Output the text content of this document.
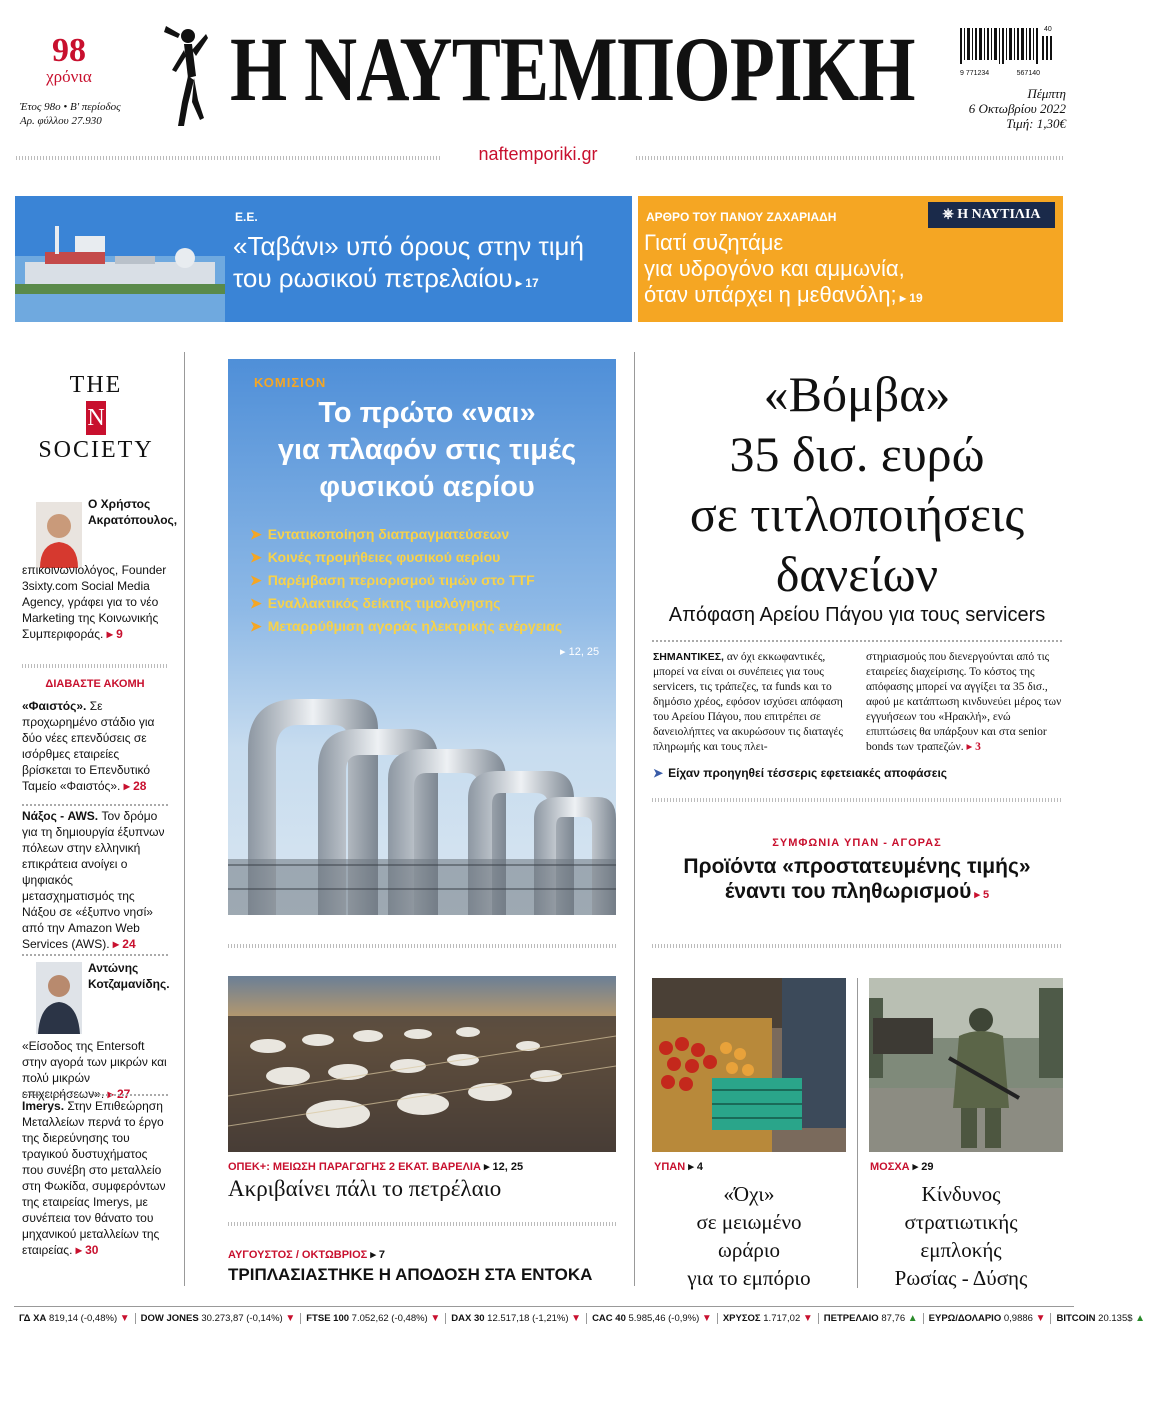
98
χρόνια
Έτος 98ο • Β' περίοδος
Αρ. φύλλου 27.930
Η ΝΑΥΤΕΜΠΟΡΙΚΗ	9 771234	567140
40
Πέμπτη
6 Οκτωβρίου 2022
Τιμή: 1,30€
naftemporiki.gr
Ε.Ε.
«Ταβάνι» υπό όρους στην τιμή
του ρωσικού πετρελαίου ▸ 17
ΑΡΘΡΟ ΤΟΥ ΠΑΝΟΥ ΖΑΧΑΡΙΑΔΗ
Γιατί συζητάμε
για υδρογόνο και αμμωνία,
όταν υπάρχει η μεθανόλη; ▸ 19
⎈ Η ΝΑΥΤΙΛΙΑ
THE
N
SOCIETY
Ο Χρήστος Ακρατόπουλος,
επικοινωνιολόγος, Founder 3sixty.com Social Media Agency, γράφει για το νέο Marketing της Κοινωνικής Συμπεριφοράς. ▸ 9
ΔΙΑΒΑΣΤΕ ΑΚΟΜΗ
«Φαιστός». Σε προχωρημένο στάδιο για δύο νέες επενδύσεις σε ισόρθμες εταιρείες βρίσκεται το Επενδυτικό Ταμείο «Φαιστός». ▸ 28
Νάξος - AWS. Τον δρόμο για τη δημιουργία έξυπνων πόλεων στην ελληνική επικράτεια ανοίγει ο ψηφιακός μετασχηματισμός της Νάξου σε «έξυπνο νησί» από την Amazon Web Services (AWS). ▸ 24
Αντώνης Κοτζαμανίδης.
«Είσοδος της Entersoft στην αγορά των μικρών και πολύ μικρών επιχειρήσεων». ▸ 27
Imerys. Στην Επιθεώρηση Μεταλλείων περνά το έργο της διερεύνησης του τραγικού δυστυχήματος που συνέβη στο μεταλλείο στη Φωκίδα, συμφερόντων της εταιρείας Imerys, με συνέπεια τον θάνατο του μηχανικού μεταλλείων της εταιρείας. ▸ 30
ΚΟΜΙΣΙΟΝ
Το πρώτο «ναι»
για πλαφόν στις τιμές
φυσικού αερίου
➤ Εντατικοποίηση διαπραγματεύσεων
➤ Κοινές προμήθειες φυσικού αερίου
➤ Παρέμβαση περιορισμού τιμών στο TTF
➤ Εναλλακτικός δείκτης τιμολόγησης
➤ Μεταρρύθμιση αγοράς ηλεκτρικής ενέργειας
▸ 12, 25
«Βόμβα»
35 δισ. ευρώ
σε τιτλοποιήσεις
δανείων
Απόφαση Αρείου Πάγου για τους servicers
ΣΗΜΑΝΤΙΚΕΣ, αν όχι εκκωφαντικές, μπορεί να είναι οι συνέπειες για τους servicers, τις τράπεζες, τα funds και το δημόσιο χρέος, εφόσον ισχύσει απόφαση του Αρείου Πάγου, που επιτρέπει σε δανειολήπτες να ακυρώσουν τις διαταγές πληρωμής και τους πλει-
στηριασμούς που διενεργούνται από τις εταιρείες διαχείρισης. Το κόστος της απόφασης μπορεί να αγγίξει τα 35 δισ., αφού με κατάπτωση κινδυνεύει μέρος των εγγυήσεων του «Ηρακλή», ενώ επιπτώσεις θα υπάρξουν και στα senior bonds των τραπεζών. ▸ 3
➤ Είχαν προηγηθεί τέσσερις εφετειακές αποφάσεις
ΣΥΜΦΩΝΙΑ ΥΠΑΝ - ΑΓΟΡΑΣ
Προϊόντα «προστατευμένης τιμής»
έναντι του πληθωρισμού ▸ 5
ΟΠΕΚ+: ΜΕΙΩΣΗ ΠΑΡΑΓΩΓΗΣ 2 ΕΚΑΤ. ΒΑΡΕΛΙΑ ▸ 12, 25
Ακριβαίνει πάλι το πετρέλαιο
ΑΥΓΟΥΣΤΟΣ / ΟΚΤΩΒΡΙΟΣ ▸ 7
ΤΡΙΠΛΑΣΙΑΣΤΗΚΕ Η ΑΠΟΔΟΣΗ ΣΤΑ ΕΝΤΟΚΑ
ΥΠΑΝ ▸ 4
«Όχι»
σε μειωμένο
ωράριο
για το εμπόριο
ΜΟΣΧΑ ▸ 29
Κίνδυνος
στρατιωτικής
εμπλοκής
Ρωσίας - Δύσης
ΓΔ ΧΑ 819,14 (-0,48%) ▼	DOW JONES 30.273,87 (-0,14%) ▼	FTSE 100 7.052,62 (-0,48%) ▼	DAX 30 12.517,18 (-1,21%) ▼	CAC 40 5.985,46 (-0,9%) ▼	ΧΡΥΣΟΣ 1.717,02 ▼	ΠΕΤΡΕΛΑΙΟ 87,76 ▲	ΕΥΡΩ/ΔΟΛΑΡΙΟ 0,9886 ▼	BITCOIN 20.135$ ▲
